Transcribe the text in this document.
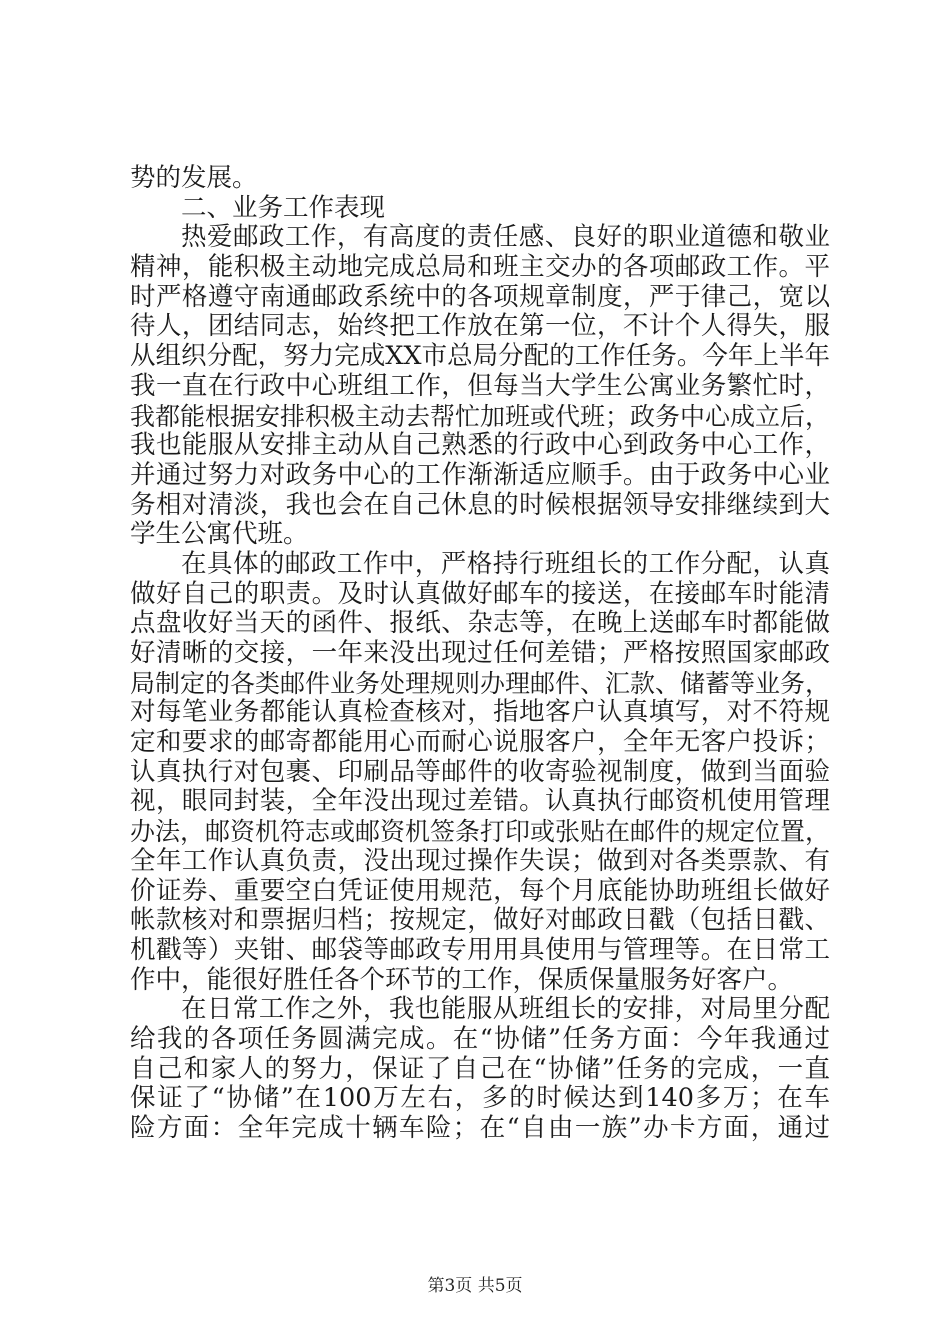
势的发展。
二、业务工作表现
热爱邮政工作，有高度的责任感、良好的职业道德和敬业
精神，能积极主动地完成总局和班主交办的各项邮政工作。平
时严格遵守南通邮政系统中的各项规章制度，严于律己，宽以
待人，团结同志，始终把工作放在第一位，不计个人得失，服
从组织分配，努力完成XX市总局分配的工作任务。今年上半年
我一直在行政中心班组工作，但每当大学生公寓业务繁忙时，
我都能根据安排积极主动去帮忙加班或代班；政务中心成立后，
我也能服从安排主动从自己熟悉的行政中心到政务中心工作，
并通过努力对政务中心的工作渐渐适应顺手。由于政务中心业
务相对清淡，我也会在自己休息的时候根据领导安排继续到大
学生公寓代班。
在具体的邮政工作中，严格持行班组长的工作分配，认真
做好自己的职责。及时认真做好邮车的接送，在接邮车时能清
点盘收好当天的函件、报纸、杂志等，在晚上送邮车时都能做
好清晰的交接，一年来没出现过任何差错；严格按照国家邮政
局制定的各类邮件业务处理规则办理邮件、汇款、储蓄等业务，
对每笔业务都能认真检查核对，指地客户认真填写，对不符规
定和要求的邮寄都能用心而耐心说服客户，全年无客户投诉；
认真执行对包裹、印刷品等邮件的收寄验视制度，做到当面验
视，眼同封装，全年没出现过差错。认真执行邮资机使用管理
办法，邮资机符志或邮资机签条打印或张贴在邮件的规定位置，
全年工作认真负责，没出现过操作失误；做到对各类票款、有
价证券、重要空白凭证使用规范，每个月底能协助班组长做好
帐款核对和票据归档；按规定，做好对邮政日戳（包括日戳、
机戳等）夹钳、邮袋等邮政专用用具使用与管理等。在日常工
作中，能很好胜任各个环节的工作，保质保量服务好客户。
在日常工作之外，我也能服从班组长的安排，对局里分配
给我的各项任务圆满完成。在“协储”任务方面：今年我通过
自己和家人的努力，保证了自己在“协储”任务的完成，一直
保证了“协储”在100万左右，多的时候达到140多万；在车
险方面：全年完成十辆车险；在“自由一族”办卡方面，通过
第3页 共5页
